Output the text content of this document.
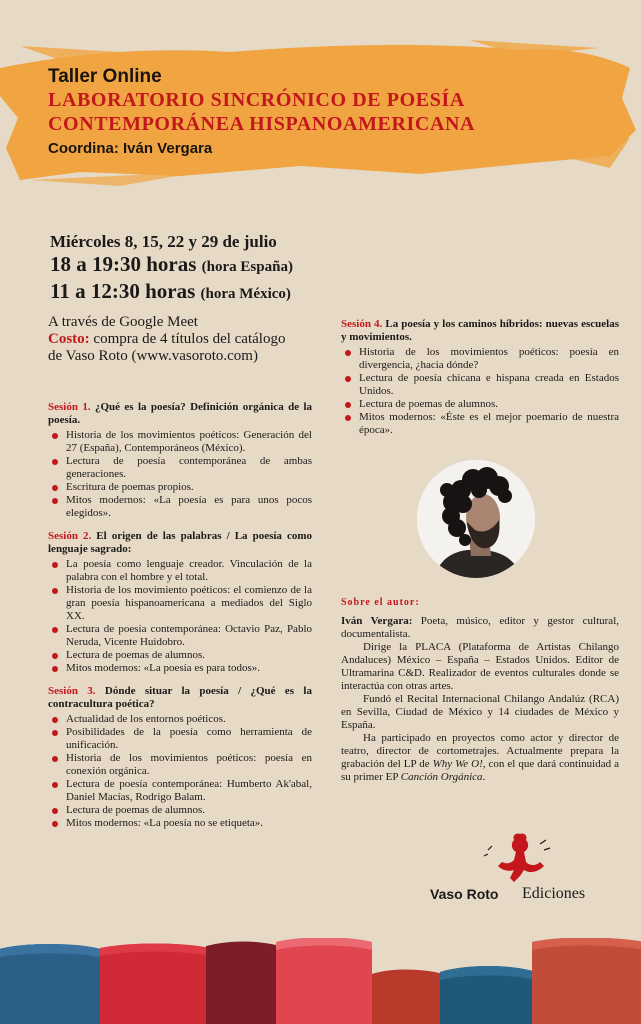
Taller Online
LABORATORIO SINCRÓNICO DE POESÍA
CONTEMPORÁNEA HISPANOAMERICANA
Coordina: Iván Vergara
Miércoles 8, 15, 22 y 29 de julio
18 a 19:30 horas (hora España)
11 a 12:30 horas (hora México)
A través de Google Meet
Costo: compra de 4 títulos del catálogo
de Vaso Roto (www.vasoroto.com)
Sesión 1. ¿Qué es la poesía? Definición orgánica de la poesía.
Historia de los movimientos poéticos: Generación del 27 (España), Contemporáneos (México).
Lectura de poesía contemporánea de ambas generaciones.
Escritura de poemas propios.
Mitos modernos: «La poesía es para unos pocos elegidos».
Sesión 2. El origen de las palabras / La poesía como lenguaje sagrado:
La poesía como lenguaje creador. Vinculación de la palabra con el hombre y el total.
Historia de los movimiento poéticos: el comienzo de la gran poesía hispanoamericana a mediados del Siglo XX.
Lectura de poesía contemporánea: Octavio Paz, Pablo Neruda, Vicente Huidobro.
Lectura de poemas de alumnos.
Mitos modernos: «La poesía es para todos».
Sesión 3. Dónde situar la poesía / ¿Qué es la contracultura poética?
Actualidad de los entornos poéticos.
Posibilidades de la poesía como herramienta de unificación.
Historia de los movimientos poéticos: poesía en conexión orgánica.
Lectura de poesía contemporánea: Humberto Ak'abal, Daniel Macías, Rodrigo Balam.
Lectura de poemas de alumnos.
Mitos modernos: «La poesía no se etiqueta».
Sesión 4. La poesía y los caminos híbridos: nuevas escuelas y movimientos.
Historia de los movimientos poéticos: poesía en divergencia, ¿hacia dónde?
Lectura de poesía chicana e hispana creada en Estados Unidos.
Lectura de poemas de alumnos.
Mitos modernos: «Éste es el mejor poemario de nuestra época».
Sobre el autor:

Iván Vergara: Poeta, músico, editor y gestor cultural, documentalista.

Dirige la PLACA (Plataforma de Artistas Chilango Andaluces) México – España – Estados Unidos. Editor de Ultramarina C&D. Realizador de eventos culturales donde se interactúa con otras artes.

Fundó el Recital Internacional Chilango Andalúz (RCA) en Sevilla, Ciudad de México y 14 ciudades de México y España.

Ha participado en proyectos como actor y director de teatro, director de cortometrajes. Actualmente prepara la grabación del LP de Why We O!, con el que dará continuidad a su primer EP Canción Orgánica.

Vaso Roto Ediciones
